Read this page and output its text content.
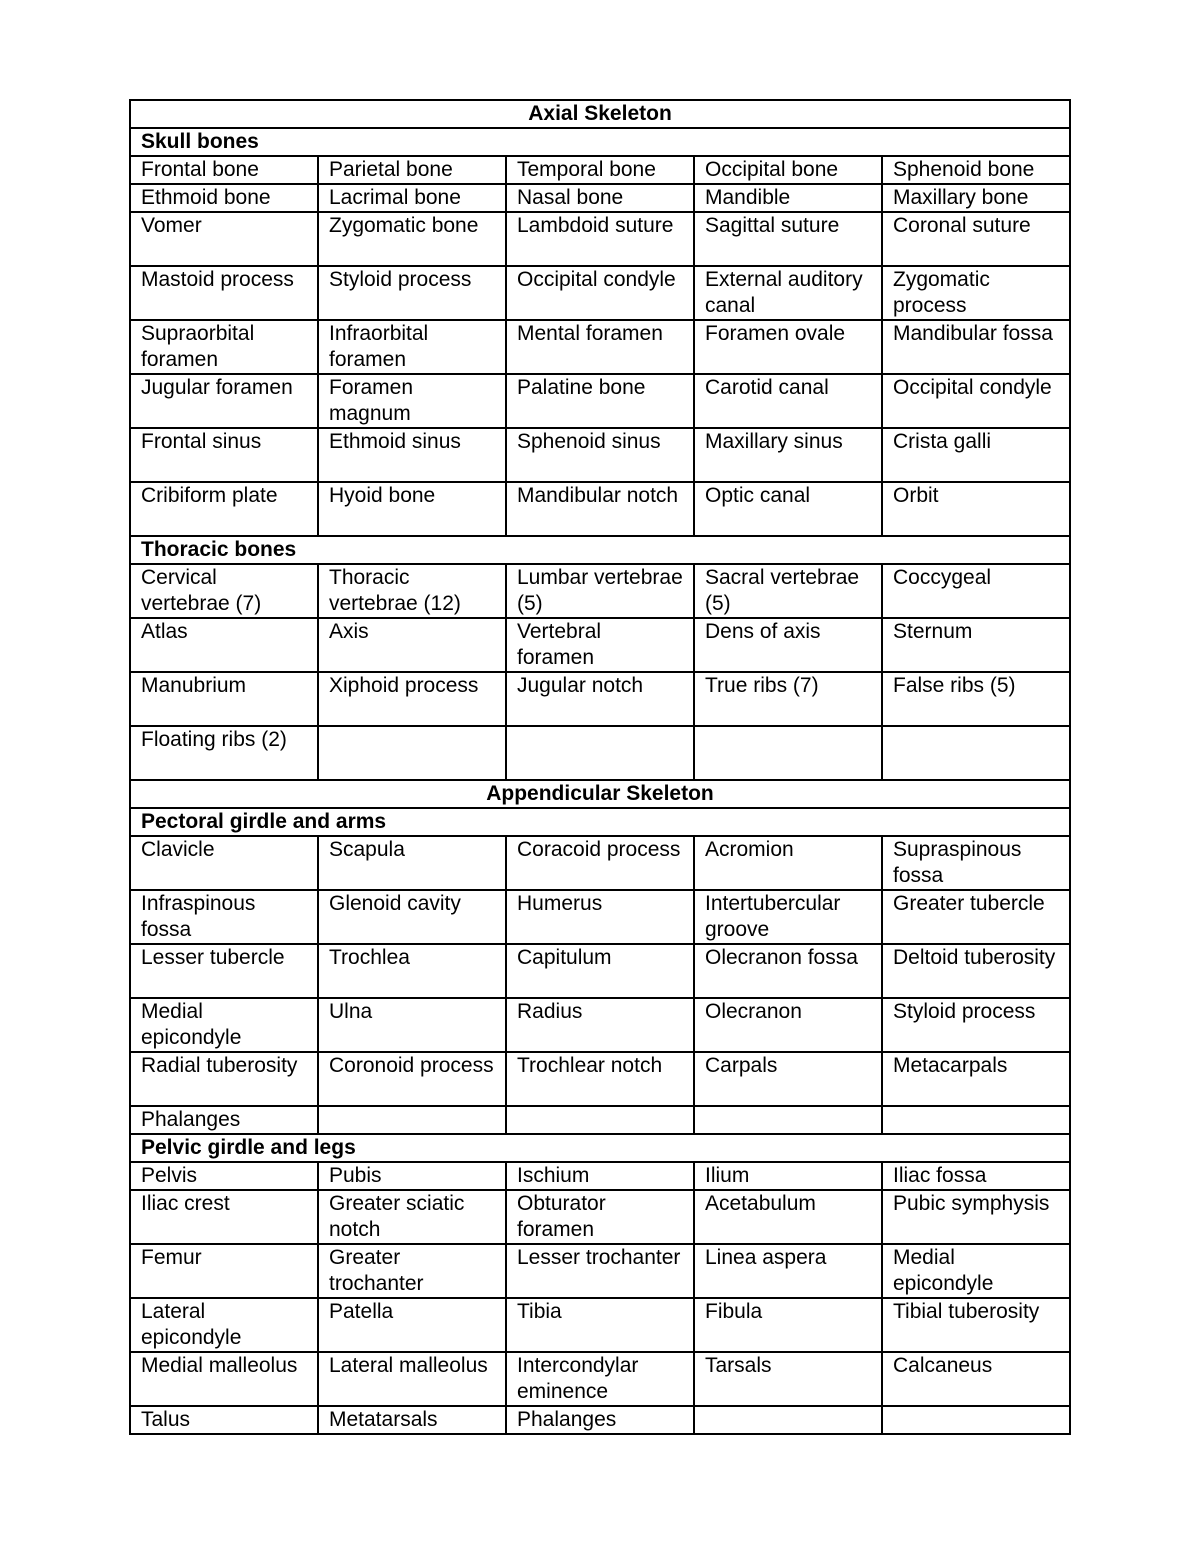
Axial Skeleton				
Skull bones				
Frontal bone	Parietal bone	Temporal bone	Occipital bone	Sphenoid bone
Ethmoid bone	Lacrimal bone	Nasal bone	Mandible	Maxillary bone
Vomer	Zygomatic bone	Lambdoid suture	Sagittal suture	Coronal suture
Mastoid process	Styloid process	Occipital condyle	External auditory canal	Zygomatic process
Supraorbital foramen	Infraorbital foramen	Mental foramen	Foramen ovale	Mandibular fossa
Jugular foramen	Foramen magnum	Palatine bone	Carotid canal	Occipital condyle
Frontal sinus	Ethmoid sinus	Sphenoid sinus	Maxillary sinus	Crista galli
Cribiform plate	Hyoid bone	Mandibular notch	Optic canal	Orbit
Thoracic bones				
Cervical vertebrae (7)	Thoracic vertebrae (12)	Lumbar vertebrae (5)	Sacral vertebrae (5)	Coccygeal
Atlas	Axis	Vertebral foramen	Dens of axis	Sternum
Manubrium	Xiphoid process	Jugular notch	True ribs (7)	False ribs (5)
Floating ribs (2)				
Appendicular Skeleton				
Pectoral girdle and arms				
Clavicle	Scapula	Coracoid process	Acromion	Supraspinous fossa
Infraspinous fossa	Glenoid cavity	Humerus	Intertubercular groove	Greater tubercle
Lesser tubercle	Trochlea	Capitulum	Olecranon fossa	Deltoid tuberosity
Medial epicondyle	Ulna	Radius	Olecranon	Styloid process
Radial tuberosity	Coronoid process	Trochlear notch	Carpals	Metacarpals
Phalanges				
Pelvic girdle and legs				
Pelvis	Pubis	Ischium	Ilium	Iliac fossa
Iliac crest	Greater sciatic notch	Obturator foramen	Acetabulum	Pubic symphysis
Femur	Greater trochanter	Lesser trochanter	Linea aspera	Medial epicondyle
Lateral epicondyle	Patella	Tibia	Fibula	Tibial tuberosity
Medial malleolus	Lateral malleolus	Intercondylar eminence	Tarsals	Calcaneus
Talus	Metatarsals	Phalanges		
